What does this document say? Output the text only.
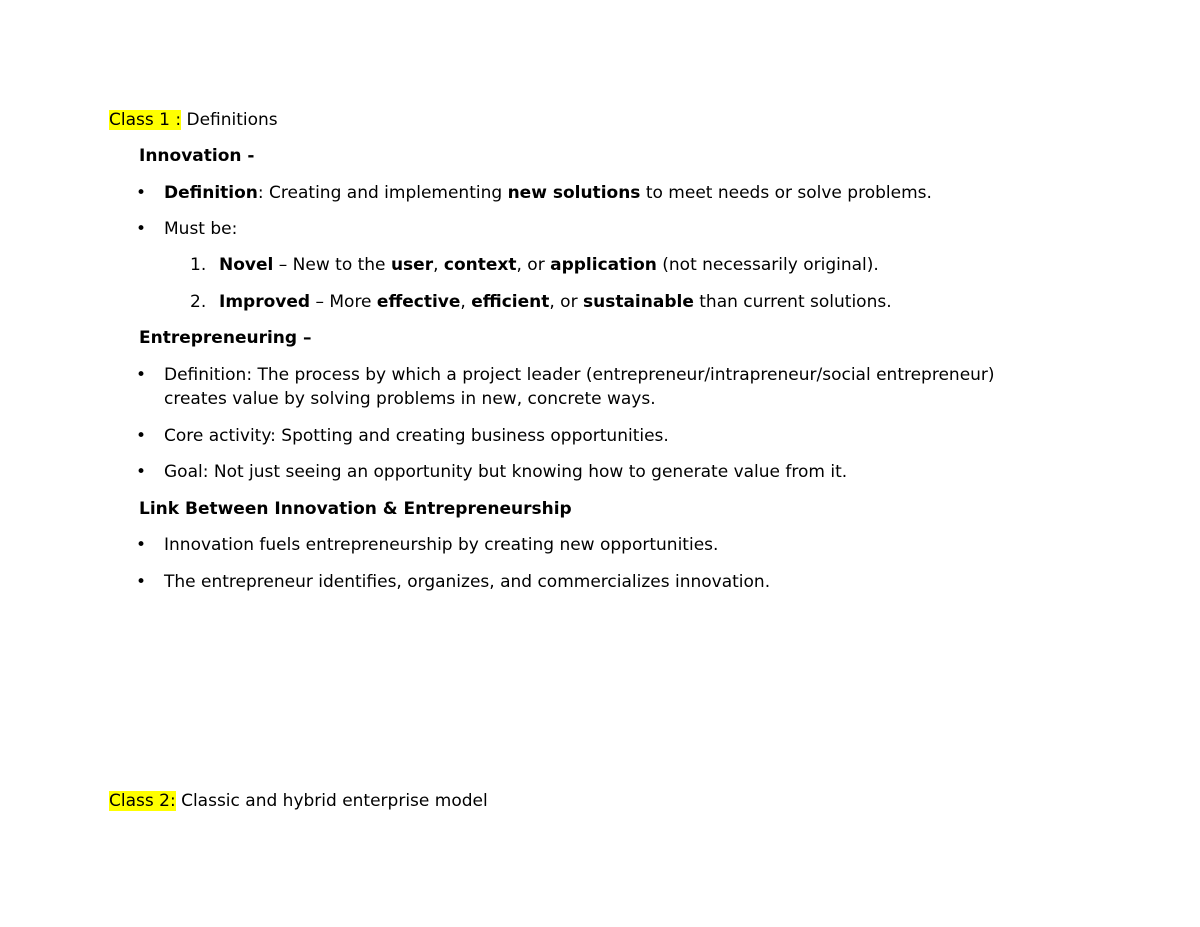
Class 1 : Definitions
Innovation -
• Definition: Creating and implementing new solutions to meet needs or solve problems.
• Must be:
1. Novel – New to the user, context, or application (not necessarily original).
2. Improved – More effective, efficient, or sustainable than current solutions.
Entrepreneuring –
• Definition: The process by which a project leader (entrepreneur/intrapreneur/social entrepreneur)
creates value by solving problems in new, concrete ways.
• Core activity: Spotting and creating business opportunities.
• Goal: Not just seeing an opportunity but knowing how to generate value from it.
Link Between Innovation & Entrepreneurship
• Innovation fuels entrepreneurship by creating new opportunities.
• The entrepreneur identifies, organizes, and commercializes innovation.
Class 2: Classic and hybrid enterprise model
